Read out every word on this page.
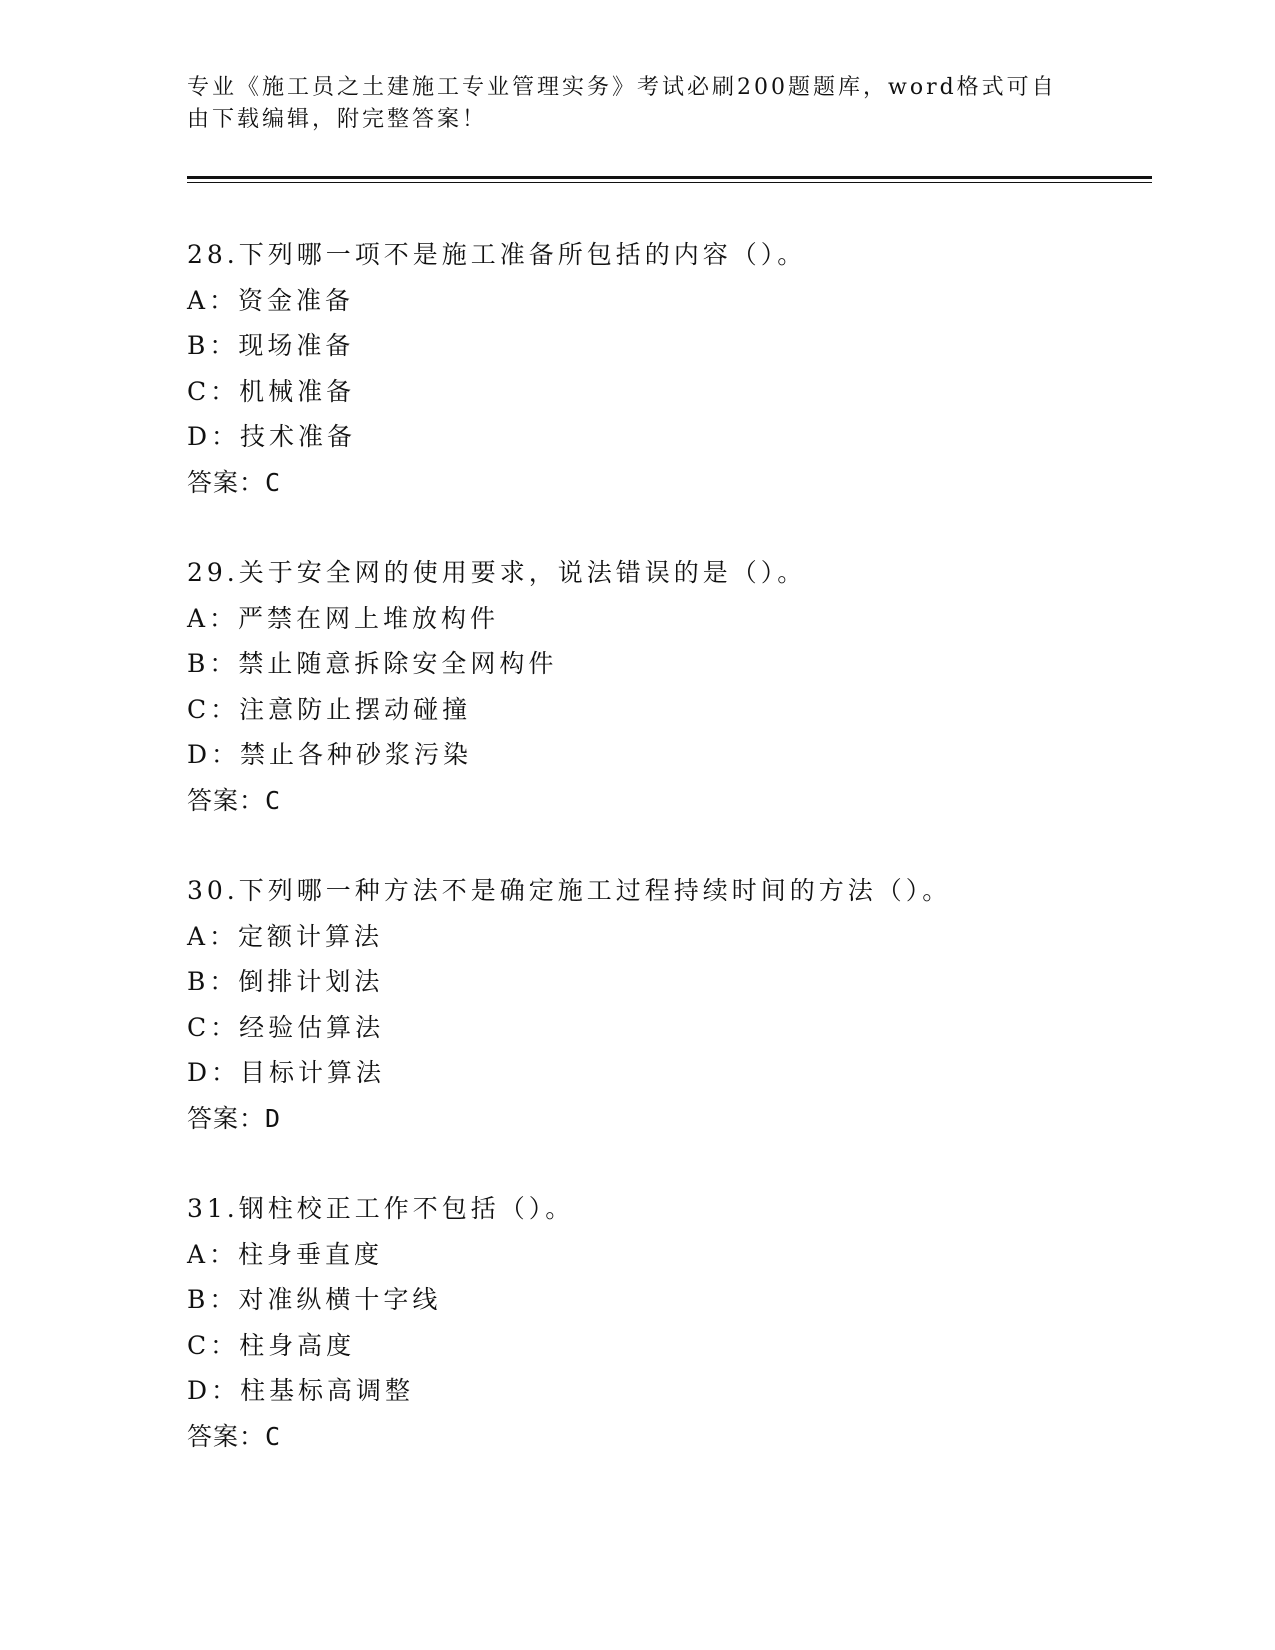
专业《施工员之土建施工专业管理实务》考试必刷200题题库，word格式可自由下载编辑，附完整答案！
28.下列哪一项不是施工准备所包括的内容（）。
A：资金准备
B：现场准备
C：机械准备
D：技术准备
答案：C
29.关于安全网的使用要求，说法错误的是（）。
A：严禁在网上堆放构件
B：禁止随意拆除安全网构件
C：注意防止摆动碰撞
D：禁止各种砂浆污染
答案：C
30.下列哪一种方法不是确定施工过程持续时间的方法（）。
A：定额计算法
B：倒排计划法
C：经验估算法
D：目标计算法
答案：D
31.钢柱校正工作不包括（）。
A：柱身垂直度
B：对准纵横十字线
C：柱身高度
D：柱基标高调整
答案：C
